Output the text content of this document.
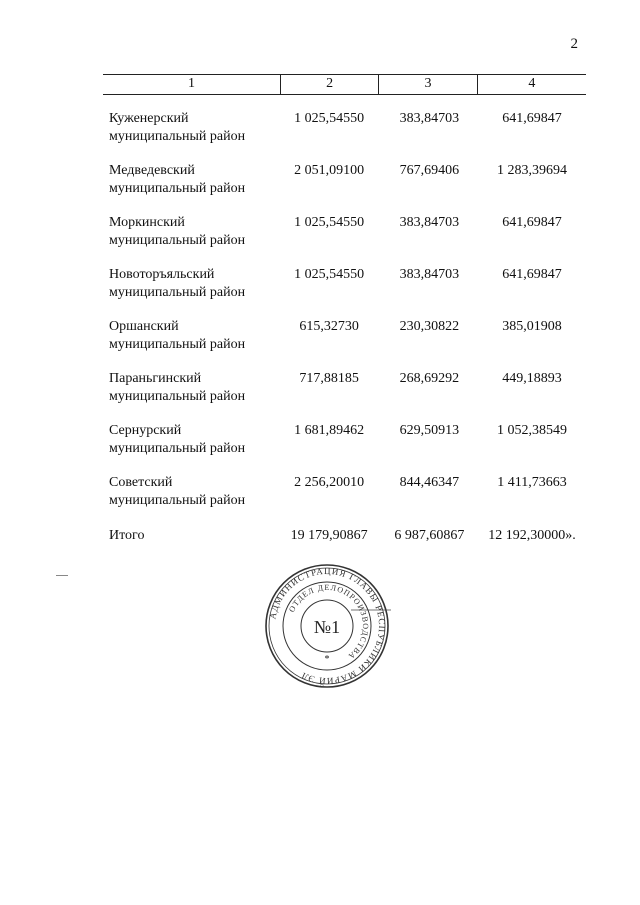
2
1	2	3	4
Куженерский
муниципальный район
1 025,54550	383,84703	641,69847
Медведевский
муниципальный район
2 051,09100	767,69406	1 283,39694
Моркинский
муниципальный район
1 025,54550	383,84703	641,69847
Новоторъяльский
муниципальный район
1 025,54550	383,84703	641,69847
Оршанский
муниципальный район
615,32730	230,30822	385,01908
Параньгинский
муниципальный район
717,88185	268,69292	449,18893
Сернурский
муниципальный район
1 681,89462	629,50913	1 052,38549
Советский
муниципальный район
2 256,20010	844,46347	1 411,73663
Итого	19 179,90867	6 987,60867	12 192,30000».
АДМИНИСТРАЦИЯ ГЛАВЫ РЕСПУБЛИКИ МАРИЙ ЭЛ
ОТДЕЛ ДЕЛОПРОИЗВОДСТВА
№1
*
